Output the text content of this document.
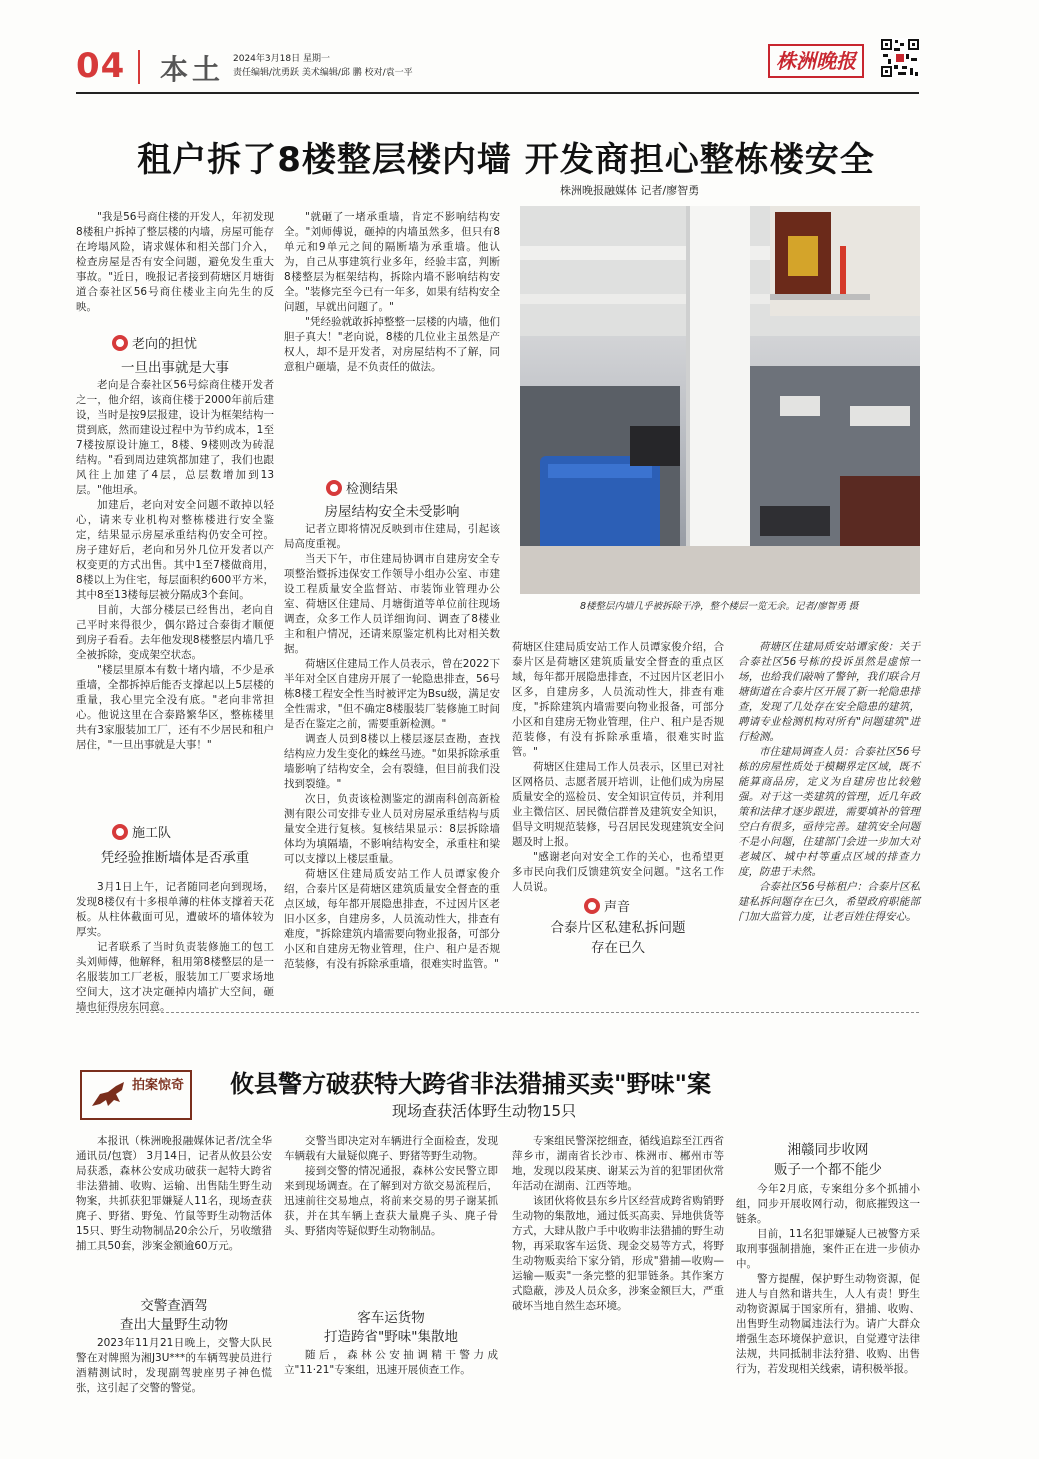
04 本土 2024年3月18日 星期一
责任编辑/沈勇跃 美术编辑/邱 鹏 校对/袁一平	株洲晚报
租户拆了8楼整层楼内墙 开发商担心整栋楼安全
株洲晚报融媒体 记者/廖智勇
"我是56号商住楼的开发人，年初发现8楼租户拆掉了整层楼的内墙，房屋可能存在垮塌风险，请求媒体和相关部门介入，检查房屋是否有安全问题，避免发生重大事故。"近日，晚报记者接到荷塘区月塘街道合泰社区56号商住楼业主向先生的反映。
老向的担忧
一旦出事就是大事
老向是合泰社区56号綜商住楼开发者之一，他介绍，该商住楼于2000年前后建设，当时是按9层报建，设计为框架结构一贯到底，然而建设过程中为节约成本，1至7楼按原设计施工，8楼、9楼则改为砖混结构。"看到周边建筑都加建了，我们也跟风往上加建了4层，总层数增加到13层。"他坦承。
加建后，老向对安全问题不敢掉以轻心，请来专业机构对整栋楼进行安全鉴定，结果显示房屋承重结构仍安全可控。房子建好后，老向和另外几位开发者以产权变更的方式出售。其中1至7楼做商用，8楼以上为住宅，每层面积约600平方米，其中8至13楼每层被分隔成3个套间。
目前，大部分楼层已经售出，老向自己平时来得很少，偶尔路过合泰街才顺便到房子看看。去年他发现8楼整层内墙几乎全被拆除，变成架空状态。
"楼层里原本有数十堵内墙，不少是承重墙，全都拆掉后能否支撑起以上5层楼的重量，我心里完全没有底。"老向非常担心。他说这里在合泰路繁华区，整栋楼里共有3家服装加工厂，还有不少居民和租户居住，"一旦出事就是大事！"
施工队
凭经验推断墙体是否承重
3月1日上午，记者随同老向到现场，发现8楼仅有十多根单薄的柱体支撑着天花板。从柱体截面可见，遭破坏的墙体较为厚实。
记者联系了当时负责装修施工的包工头刘师傅，他解释，租用第8楼整层的是一名服装加工厂老板，服装加工厂要求场地空间大，这才决定砸掉内墙扩大空间，砸墙也征得房东同意。
"就砸了一堵承重墙，肯定不影响结构安全。"刘师傅说，砸掉的内墙虽然多，但只有8单元和9单元之间的隔断墙为承重墙。他认为，自己从事建筑行业多年，经验丰富，判断8楼整层为框架结构，拆除内墙不影响结构安全。"装修完至今已有一年多，如果有结构安全问题，早就出问题了。"
"凭经验就敢拆掉整整一层楼的内墙，他们胆子真大！"老向说，8楼的几位业主虽然是产权人，却不是开发者，对房屋结构不了解，同意租户砸墙，是不负责任的做法。
检测结果
房屋结构安全未受影响
记者立即将情况反映到市住建局，引起该局高度重视。
当天下午，市住建局协调市自建房安全专项整治暨拆违保安工作领导小组办公室、市建设工程质量安全监督站、市装饰业管理办公室、荷塘区住建局、月塘街道等单位前往现场调查，众多工作人员详细询问、调查了8楼业主和租户情况，还请来原鉴定机构比对相关数据。
荷塘区住建局工作人员表示，曾在2022下半年对全区自建房开展了一轮隐患排查，56号栋8楼工程安全性当时被评定为Bsu级，满足安全性需求，"但不确定8楼服装厂装修施工时间是否在鉴定之前，需要重新检测。"
调查人员到8楼以上楼层逐层查勘，查找结构应力发生变化的蛛丝马迹。"如果拆除承重墙影响了结构安全，会有裂缝，但目前我们没找到裂缝。"
次日，负责该检测鉴定的湖南科创高新检测有限公司安排专业人员对房屋承重结构与质量安全进行复核。复核结果显示：8层拆除墙体均为填隔墙，不影响结构安全，承重柱和梁可以支撑以上楼层重量。
荷塘区住建局质安站工作人员谭家俊介绍，合泰片区是荷塘区建筑质量安全督查的重点区域，每年都开展隐患排查，不过因片区老旧小区多，自建房多，人员流动性大，排查有难度，"拆除建筑内墙需要向物业报备，可部分小区和自建房无物业管理，住户、租户是否规范装修，有没有拆除承重墙，很难实时监管。"
8楼整层内墙几乎被拆除干净，整个楼层一览无余。记者/廖智勇 摄
荷塘区住建局质安站工作人员谭家俊介绍，合泰片区是荷塘区建筑质量安全督查的重点区域，每年都开展隐患排查，不过因片区老旧小区多，自建房多，人员流动性大，排查有难度，"拆除建筑内墙需要向物业报备，可部分小区和自建房无物业管理，住户、租户是否规范装修，有没有拆除承重墙，很难实时监管。"
荷塘区住建局工作人员表示，区里已对社区网格员、志愿者展开培训，让他们成为房屋质量安全的巡检员、安全知识宣传员，并利用业主微信区、居民微信群普及建筑安全知识，倡导文明规范装修，号召居民发现建筑安全问题及时上报。
"感谢老向对安全工作的关心，也希望更多市民向我们反馈建筑安全问题。"这名工作人员说。
声音
合泰片区私建私拆问题
存在已久
荷塘区住建局质安站谭家俊：关于合泰社区56号栋的投诉虽然是虚惊一场，也给我们敲响了警钟，我们联合月塘街道在合泰片区开展了新一轮隐患排查，发现了几处存在安全隐患的建筑，聘请专业检测机构对所有"问题建筑"进行检测。
市住建局调查人员：合泰社区56号栋的房屋性质处于模糊界定区域，既不能算商品房，定义为自建房也比较勉强。对于这一类建筑的管理，近几年政策和法律才逐步跟进，需要填补的管理空白有很多，亟待完善。建筑安全问题不是小问题，住建部门会进一步加大对老城区、城中村等重点区域的排查力度，防患于未然。
合泰社区56号栋租户：合泰片区私建私拆问题存在已久，希望政府职能部门加大监管力度，让老百姓住得安心。
拍案惊奇 攸县警方破获特大跨省非法猎捕买卖"野味"案
现场查获活体野生动物15只
本报讯（株洲晚报融媒体记者/沈全华 通讯员/包寰） 3月14日，记者从攸县公安局获悉，森林公安成功破获一起特大跨省非法猎捕、收购、运输、出售陆生野生动物案，共抓获犯罪嫌疑人11名，现场查获麂子、野猪、野兔、竹鼠等野生动物活体15只、野生动物制品20余公斤，另收缴猎捕工具50套，涉案金额逾60万元。
交警查酒驾
查出大量野生动物
2023年11月21日晚上，交警大队民警在对牌照为湘J3U***的车辆驾驶员进行酒精测试时，发现副驾驶座男子神色慌张，这引起了交警的警觉。
交警当即决定对车辆进行全面检查，发现车辆载有大量疑似麂子、野猪等野生动物。
接到交警的情况通报，森林公安民警立即来到现场调查。在了解到对方欲交易流程后，迅速前往交易地点，将前来交易的男子谢某抓获，并在其车辆上查获大量麂子头、麂子骨头、野猪肉等疑似野生动物制品。
客车运货物
打造跨省"野味"集散地
随后，森林公安抽调精干警力成立"11·21"专案组，迅速开展侦查工作。
专案组民警深挖细查，循线追踪至江西省萍乡市，湖南省长沙市、株洲市、郴州市等地，发现以段某庚、谢某云为首的犯罪团伙常年活动在湖南、江西等地。
该团伙将攸县东乡片区经营成跨省购销野生动物的集散地，通过低买高卖、异地供货等方式，大肆从散户手中收购非法猎捕的野生动物，再采取客车运货、现金交易等方式，将野生动物贩卖给下家分销，形成"猎捕—收购—运输—贩卖"一条完整的犯罪链条。其作案方式隐蔽，涉及人员众多，涉案金额巨大，严重破坏当地自然生态环境。
湘赣同步收网
贩子一个都不能少
今年2月底，专案组分多个抓捕小组，同步开展收网行动，彻底摧毁这一链条。
目前，11名犯罪嫌疑人已被警方采取刑事强制措施，案件正在进一步侦办中。
警方提醒，保护野生动物资源，促进人与自然和谐共生，人人有责！野生动物资源属于国家所有，猎捕、收购、出售野生动物属违法行为。请广大群众增强生态环境保护意识，自觉遵守法律法规，共同抵制非法狩猎、收购、出售行为，若发现相关线索，请积极举报。
